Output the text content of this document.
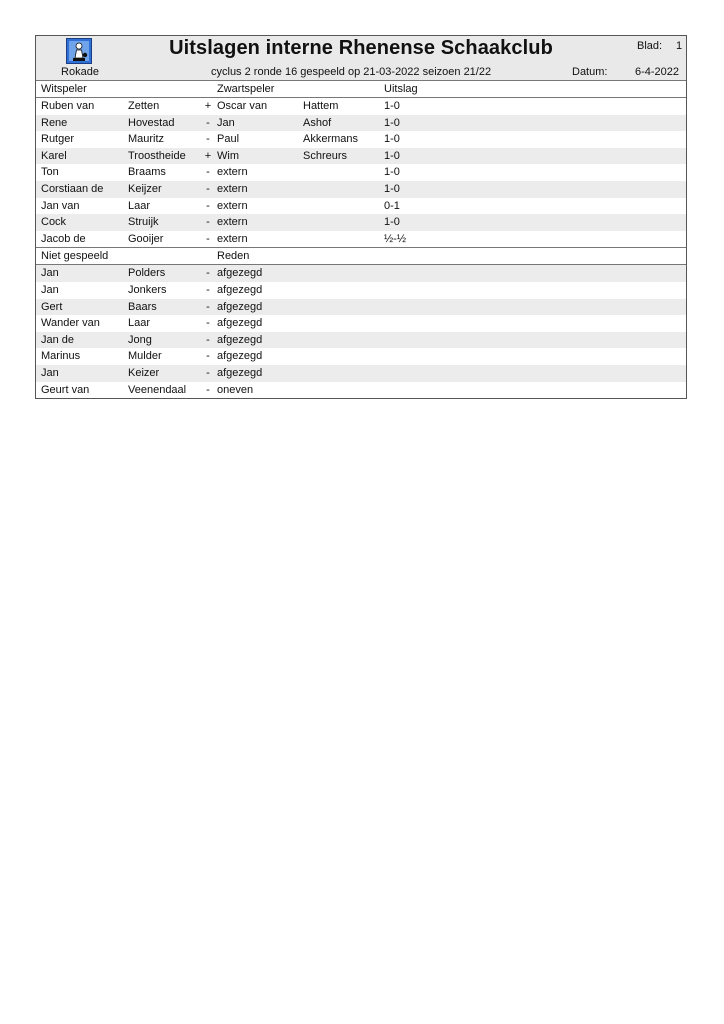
Rokade
Uitslagen interne Rhenense Schaakclub	Blad: 1
cyclus 2 ronde 16 gespeeld op 21-03-2022 seizoen 21/22	Datum:	6-4-2022
Witspeler	Zwartspeler	Uitslag
Ruben van	Zetten	+ Oscar van	Hattem	1-0
Rene	Hovestad	- Jan	Ashof	1-0
Rutger	Mauritz	- Paul	Akkermans 1-0
Karel	Troostheide + Wim	Schreurs	1-0
Ton	Braams	- extern	1-0
Corstiaan de Keijzer	- extern	1-0
Jan van	Laar	- extern	0-1
Cock	Struijk	- extern	1-0
Jacob de	Gooijer	- extern	½-½
Niet gespeeld	Reden
Jan	Polders	- afgezegd
Jan	Jonkers	- afgezegd
Gert	Baars	- afgezegd
Wander van	Laar	- afgezegd
Jan de	Jong	- afgezegd
Marinus	Mulder	- afgezegd
Jan	Keizer	- afgezegd
Geurt van	Veenendaal - oneven
